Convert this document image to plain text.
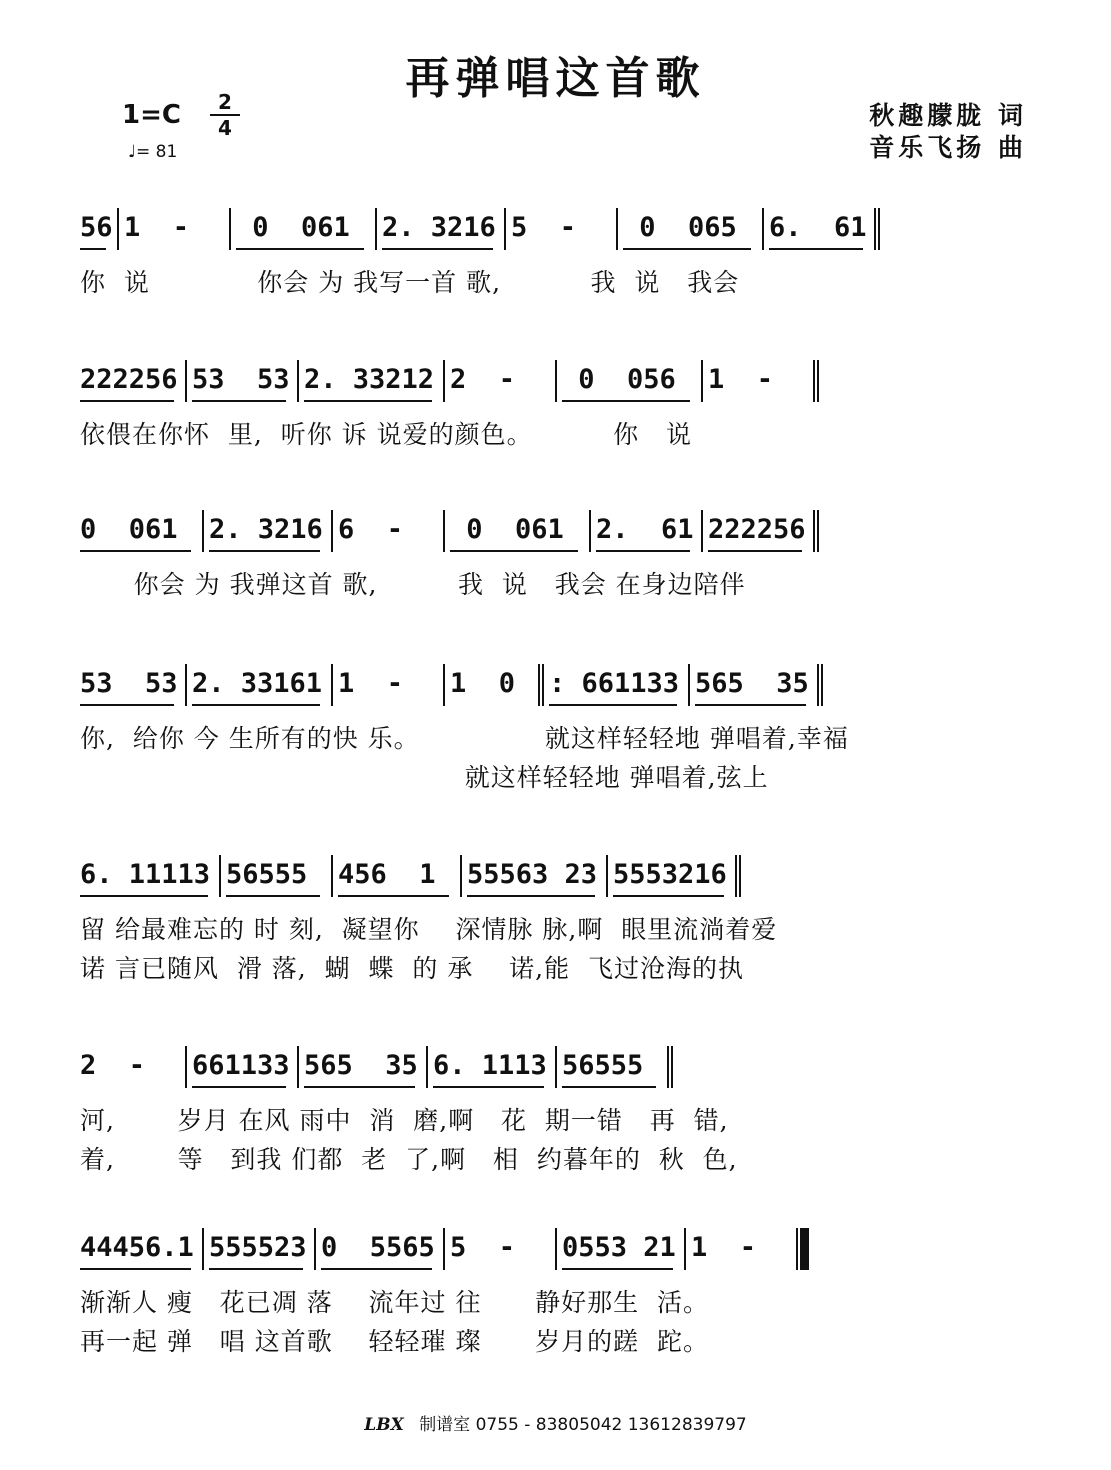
再弹唱这首歌
1=C	2
4
♩= 81
秋趣朦胧 词
音乐飞扬 曲
56 1  - 0  061 2. 3216 5  - 0  065 6.  61
你  说            你会 为 我写一首 歌,          我  说   我会
222256 53  53 2. 33212 2  - 0  056 1  -
依偎在你怀  里,  听你 诉 说爱的颜色。         你   说
0  061 2. 3216 6  - 0  061 2.  61 222256
你会 为 我弹这首 歌,         我  说   我会 在身边陪伴
53  53 2. 33161 1  - 1  0 : 661133 565  35
你,  给你 今 生所有的快 乐。              就这样轻轻地 弹唱着,幸福
就这样轻轻地 弹唱着,弦上
6. 11113 56555 456  1 55563 23 5553216
留 给最难忘的 时 刻,  凝望你    深情脉 脉,啊  眼里流淌着爱
诺 言已随风  滑 落,  蝴  蝶  的 承    诺,能  飞过沧海的执
2  - 661133 565  35 6. 1113 56555
河,       岁月 在风 雨中  消  磨,啊   花  期一错   再  错,
着,       等   到我 们都  老  了,啊   相  约暮年的  秋  色,
44456.1 555523 0  5565 5  - 0553 21 1  -
渐渐人 瘦   花已凋 落    流年过 往      静好那生  活。
再一起 弹   唱 这首歌    轻轻璀 璨      岁月的蹉  跎。
LBX 制谱室 0755 - 83805042 13612839797
